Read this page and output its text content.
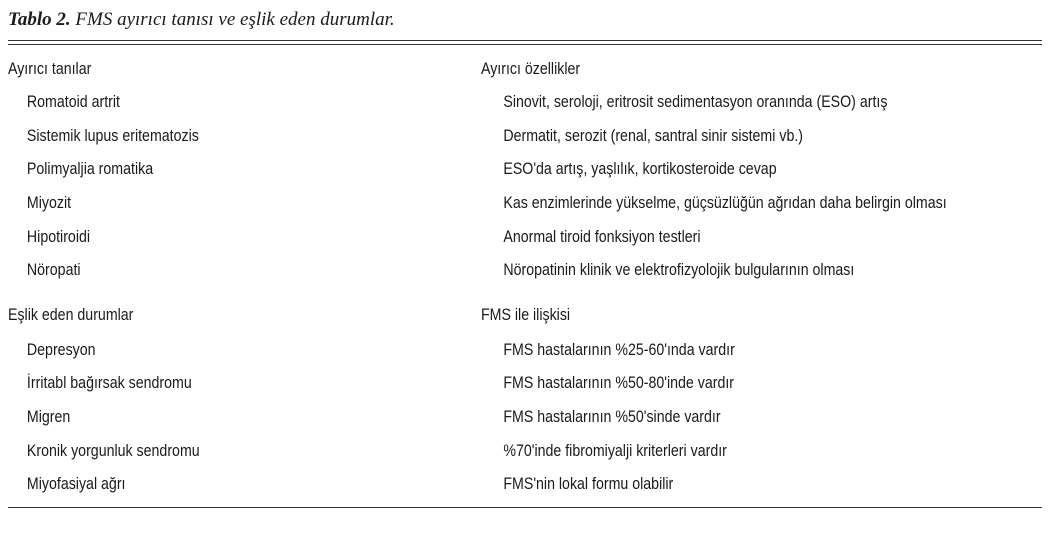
Tablo 2. FMS ayırıcı tanısı ve eşlik eden durumlar.
Ayırıcı tanılar	Ayırıcı özellikler
Romatoid artrit	Sinovit, seroloji, eritrosit sedimentasyon oranında (ESO) artış
Sistemik lupus eritematozis	Dermatit, serozit (renal, santral sinir sistemi vb.)
Polimyaljia romatika	ESO'da artış, yaşlılık, kortikosteroide cevap
Miyozit	Kas enzimlerinde yükselme, güçsüzlüğün ağrıdan daha belirgin olması
Hipotiroidi	Anormal tiroid fonksiyon testleri
Nöropati	Nöropatinin klinik ve elektrofizyolojik bulgularının olması
Eşlik eden durumlar	FMS ile ilişkisi
Depresyon	FMS hastalarının %25-60'ında vardır
İrritabl bağırsak sendromu	FMS hastalarının %50-80'inde vardır
Migren	FMS hastalarının %50'sinde vardır
Kronik yorgunluk sendromu	%70'inde fibromiyalji kriterleri vardır
Miyofasiyal ağrı	FMS'nin lokal formu olabilir
